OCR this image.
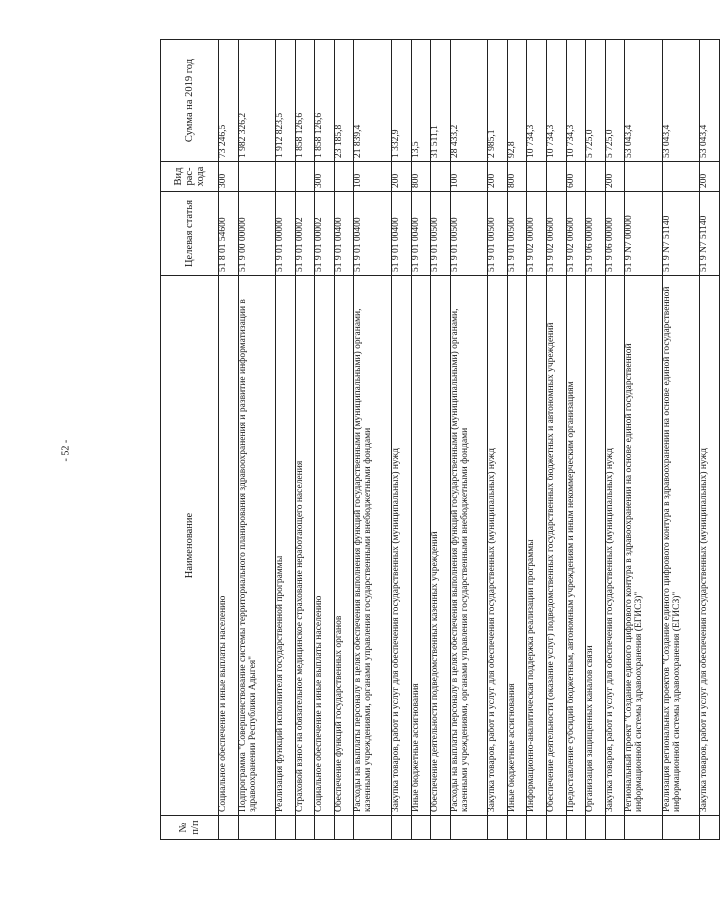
- 52 -
№ п/п	Наименование	Целевая статья	Вид рас-хода	Сумма на 2019 год
	Социальное обеспечение и иные выплаты населению	51 8 01 54600	300	73 246,5
	Подпрограмма "Совершенствование системы территориального планирования здравоохранения и развитие информатизации в здравоохранении Республики Адыгея"	51 9 00 00000		1 982 326,2
	Реализация функций исполнителя государственной программы	51 9 01 00000		1 912 823,5
	Страховой взнос на обязательное медицинское страхование неработающего населения	51 9 01 00002		1 858 126,6
	Социальное обеспечение и иные выплаты населению	51 9 01 00002	300	1 858 126,6
	Обеспечение функций государственных органов	51 9 01 00400		23 185,8
	Расходы на выплаты персоналу в целях обеспечения выполнения функций государственными (муниципальными) органами, казенными учреждениями, органами управления государственными внебюджетными фондами	51 9 01 00400	100	21 839,4
	Закупка товаров, работ и услуг для обеспечения государственных (муниципальных) нужд	51 9 01 00400	200	1 332,9
	Иные бюджетные ассигнования	51 9 01 00400	800	13,5
	Обеспечение деятельности подведомственных казенных учреждений	51 9 01 00500		31 511,1
	Расходы на выплаты персоналу в целях обеспечения выполнения функций государственными (муниципальными) органами, казенными учреждениями, органами управления государственными внебюджетными фондами	51 9 01 00500	100	28 433,2
	Закупка товаров, работ и услуг для обеспечения государственных (муниципальных) нужд	51 9 01 00500	200	2 985,1
	Иные бюджетные ассигнования	51 9 01 00500	800	92,8
	Информационно-аналитическая поддержка реализации программы	51 9 02 00000		10 734,3
	Обеспечение деятельности (оказание услуг) подведомственных государственных бюджетных и автономных учреждений	51 9 02 00600		10 734,3
	Предоставление субсидий бюджетным, автономным учреждениям и иным некоммерческим организациям	51 9 02 00600	600	10 734,3
	Организация защищенных каналов связи	51 9 06 00000		5 725,0
	Закупка товаров, работ и услуг для обеспечения государственных (муниципальных) нужд	51 9 06 00000	200	5 725,0
	Региональный проект "Создание единого цифрового контура в здравоохранении на основе единой государственной информационной системы здравоохранения (ЕГИСЗ)"	51 9 N7 00000		53 043,4
	Реализация региональных проектов "Создание единого цифрового контура в здравоохранении на основе единой государственной информационной системы здравоохранения (ЕГИСЗ)"	51 9 N7 51140		53 043,4
	Закупка товаров, работ и услуг для обеспечения государственных (муниципальных) нужд	51 9 N7 51140	200	53 043,4
